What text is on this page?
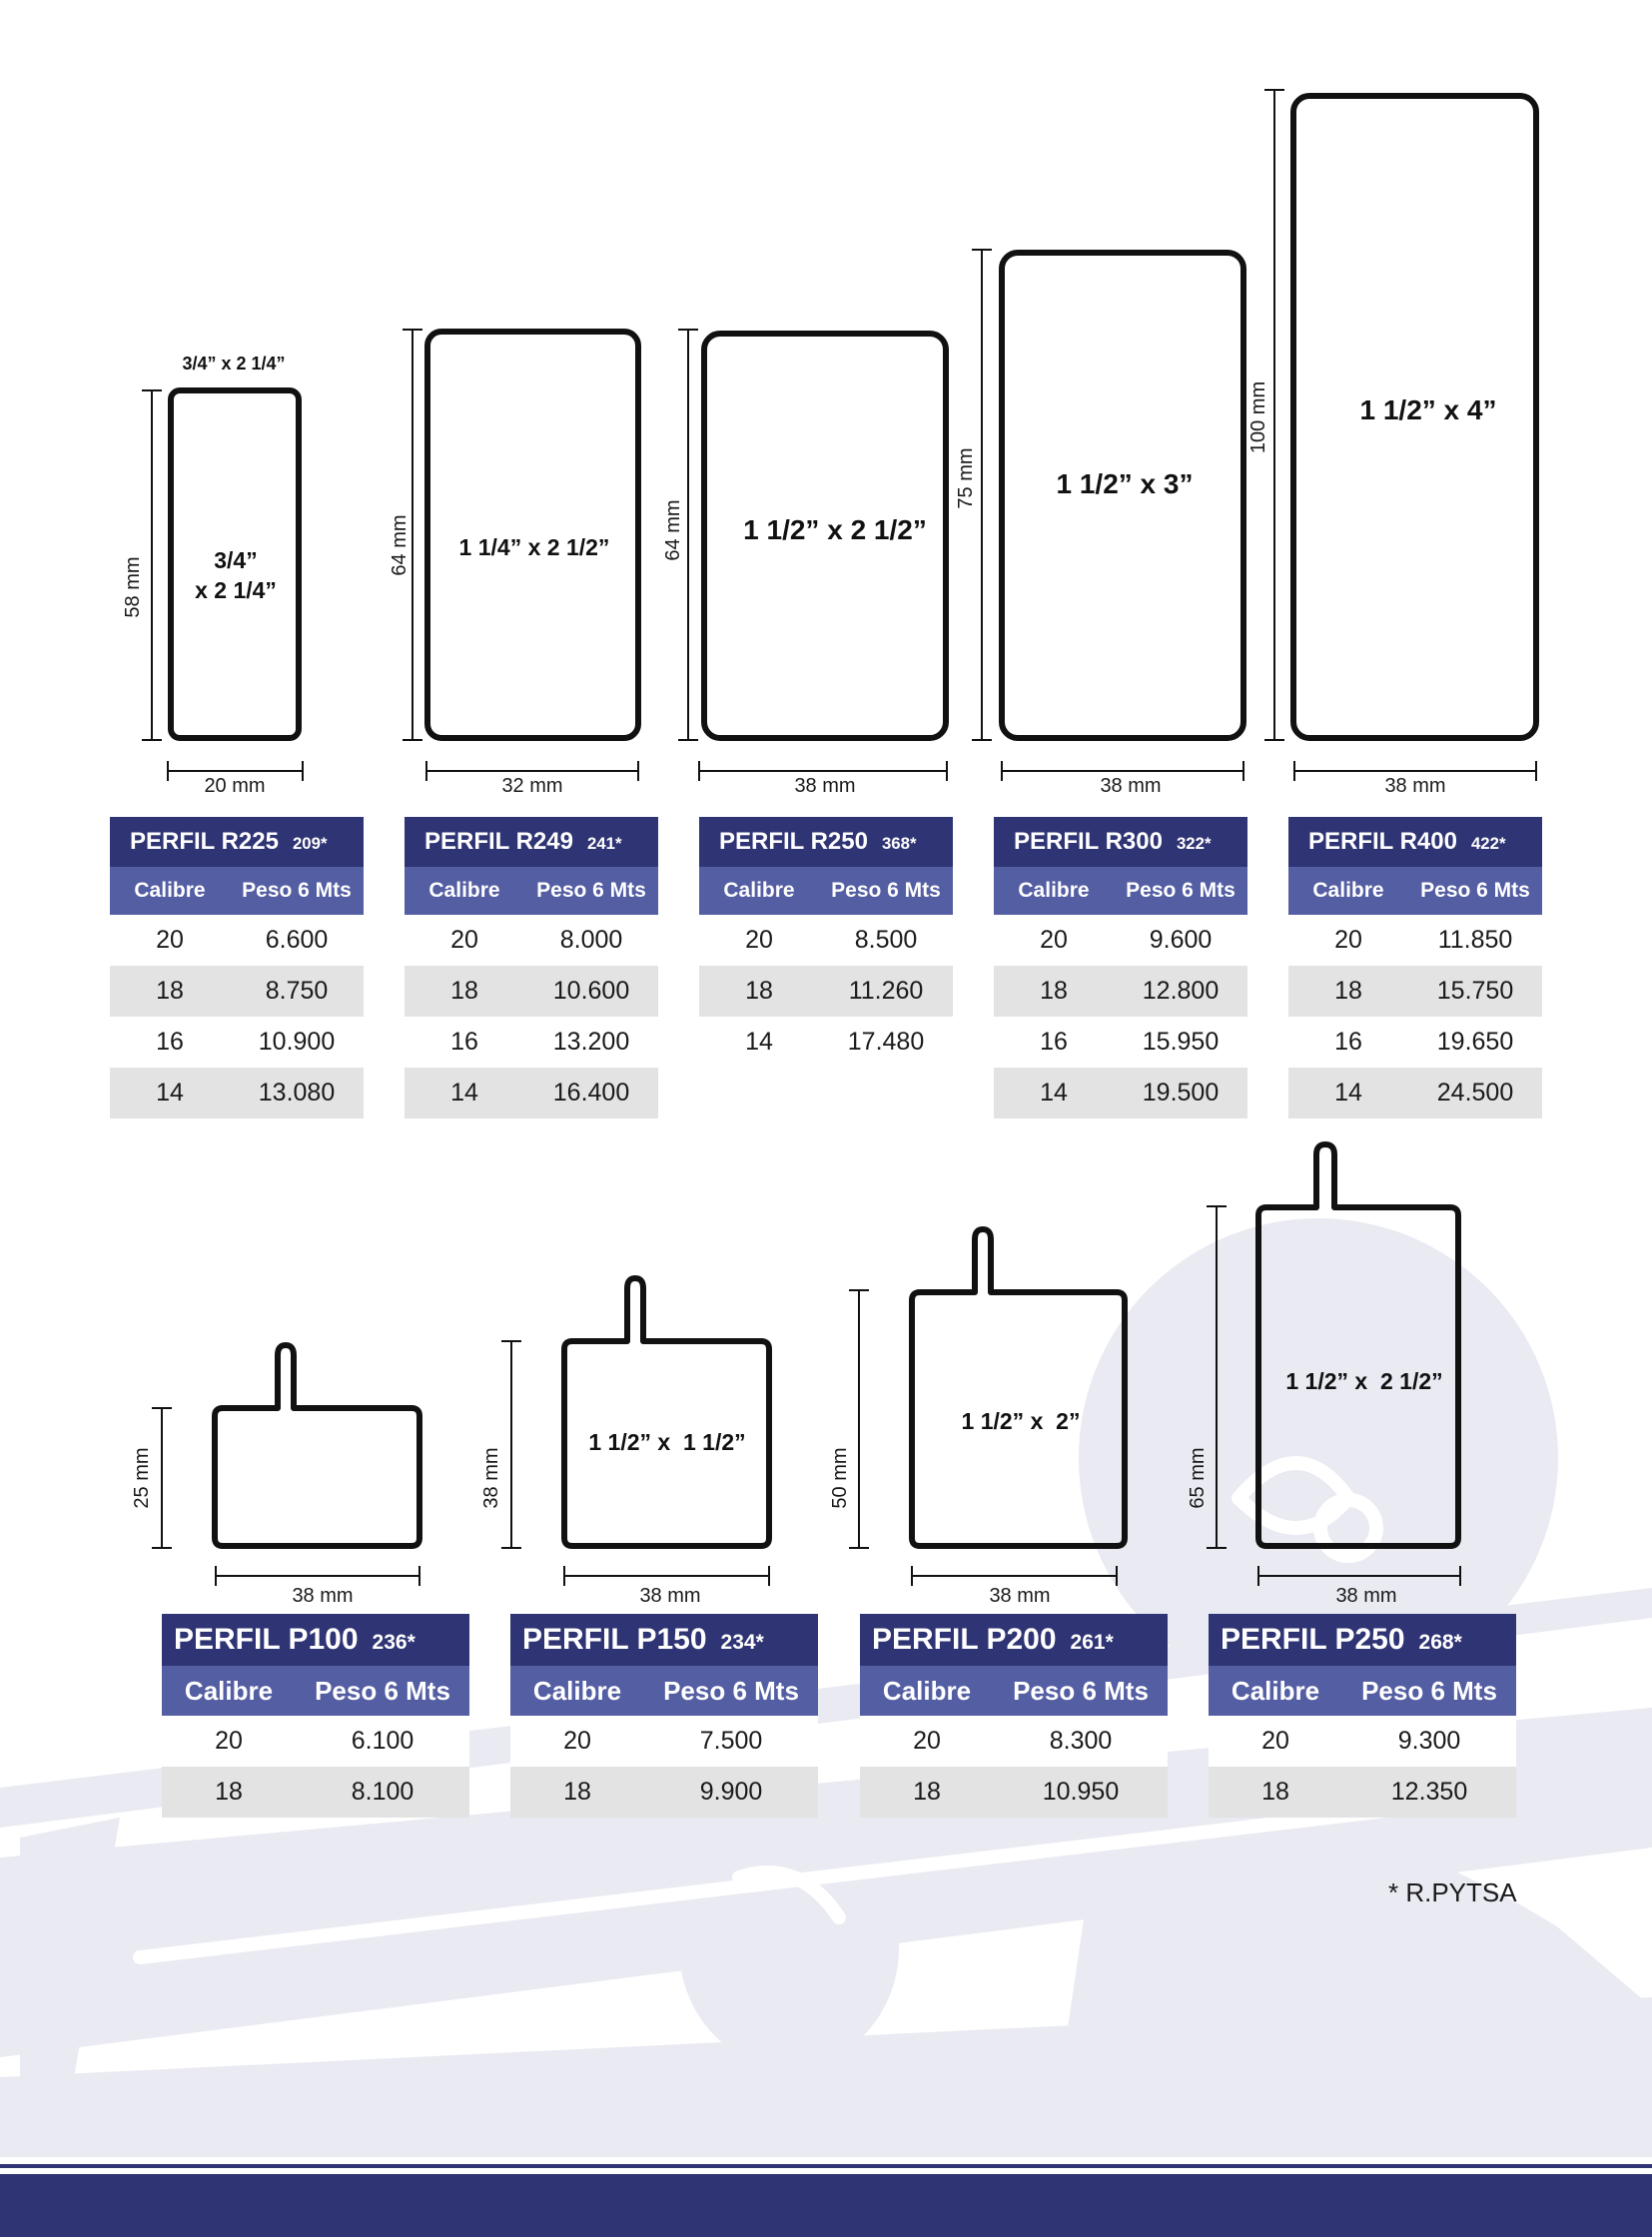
58 mm
20 mm
3/4” x 2 1/4”
3/4”
x 2 1/4”
64 mm
32 mm
1 1/4” x 2 1/2”	64 mm
38 mm
1 1/2” x 2 1/2”
75 mm
38 mm
1 1/2” x 3”
100 mm
38 mm
1 1/2” x 4”
25 mm
38 mm
38 mm
38 mm
1 1/2” x  1 1/2”
50 mm
38 mm
1 1/2” x  2”
65 mm
38 mm
1 1/2” x  2 1/2”
PERFIL R225 209*
Calibre	Peso 6 Mts
20	6.600
18	8.750
16	10.900
14	13.080
PERFIL R249 241*
Calibre	Peso 6 Mts
20	8.000
18	10.600
16	13.200
14	16.400
PERFIL R250 368*
Calibre	Peso 6 Mts
20	8.500
18	11.260
14	17.480
PERFIL R300 322*
Calibre	Peso 6 Mts
20	9.600
18	12.800
16	15.950
14	19.500
PERFIL R400 422*
Calibre	Peso 6 Mts
20	11.850
18	15.750
16	19.650
14	24.500
PERFIL P100 236*
Calibre	Peso 6 Mts
20	6.100
18	8.100
PERFIL P150 234*
Calibre	Peso 6 Mts
20	7.500
18	9.900
PERFIL P200 261*
Calibre	Peso 6 Mts
20	8.300
18	10.950
PERFIL P250 268*
Calibre	Peso 6 Mts
20	9.300
18	12.350
* R.PYTSA
